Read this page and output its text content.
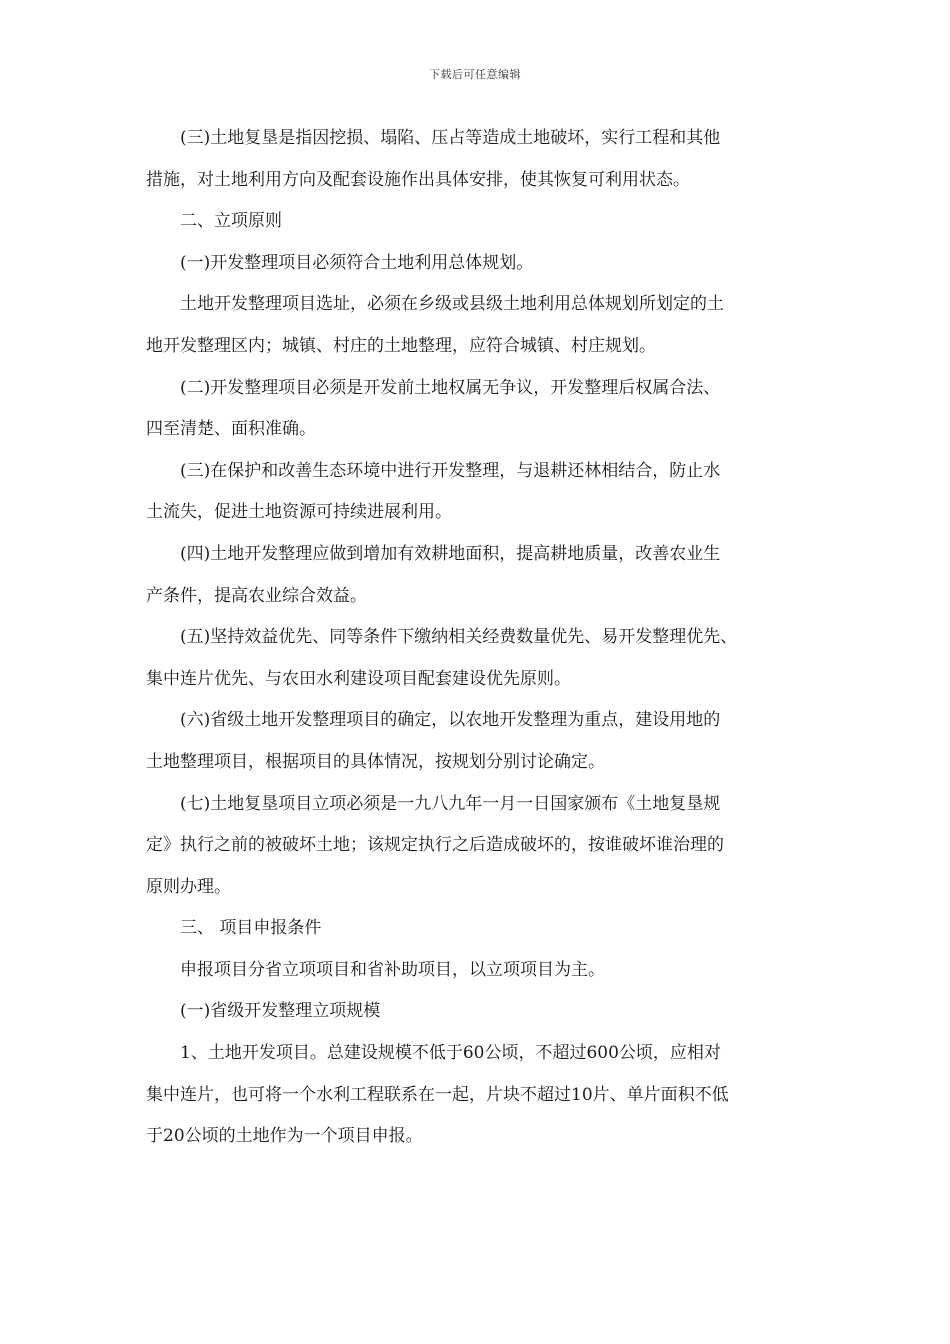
下载后可任意编辑
(三)土地复垦是指因挖损、塌陷、压占等造成土地破坏，实行工程和其他
措施，对土地利用方向及配套设施作出具体安排，使其恢复可利用状态。
二、立项原则
(一)开发整理项目必须符合土地利用总体规划。
土地开发整理项目选址，必须在乡级或县级土地利用总体规划所划定的土
地开发整理区内；城镇、村庄的土地整理，应符合城镇、村庄规划。
(二)开发整理项目必须是开发前土地权属无争议，开发整理后权属合法、
四至清楚、面积准确。
(三)在保护和改善生态环境中进行开发整理，与退耕还林相结合，防止水
土流失，促进土地资源可持续进展利用。
(四)土地开发整理应做到增加有效耕地面积，提高耕地质量，改善农业生
产条件，提高农业综合效益。
(五)坚持效益优先、同等条件下缴纳相关经费数量优先、易开发整理优先、
集中连片优先、与农田水利建设项目配套建设优先原则。
(六)省级土地开发整理项目的确定，以农地开发整理为重点，建设用地的
土地整理项目，根据项目的具体情况，按规划分别讨论确定。
(七)土地复垦项目立项必须是一九八九年一月一日国家颁布《土地复垦规
定》执行之前的被破坏土地；该规定执行之后造成破坏的，按谁破坏谁治理的
原则办理。
三、 项目申报条件
申报项目分省立项项目和省补助项目，以立项项目为主。
(一)省级开发整理立项规模
1、土地开发项目。总建设规模不低于60公顷，不超过600公顷，应相对
集中连片，也可将一个水利工程联系在一起，片块不超过10片、单片面积不低
于20公顷的土地作为一个项目申报。
